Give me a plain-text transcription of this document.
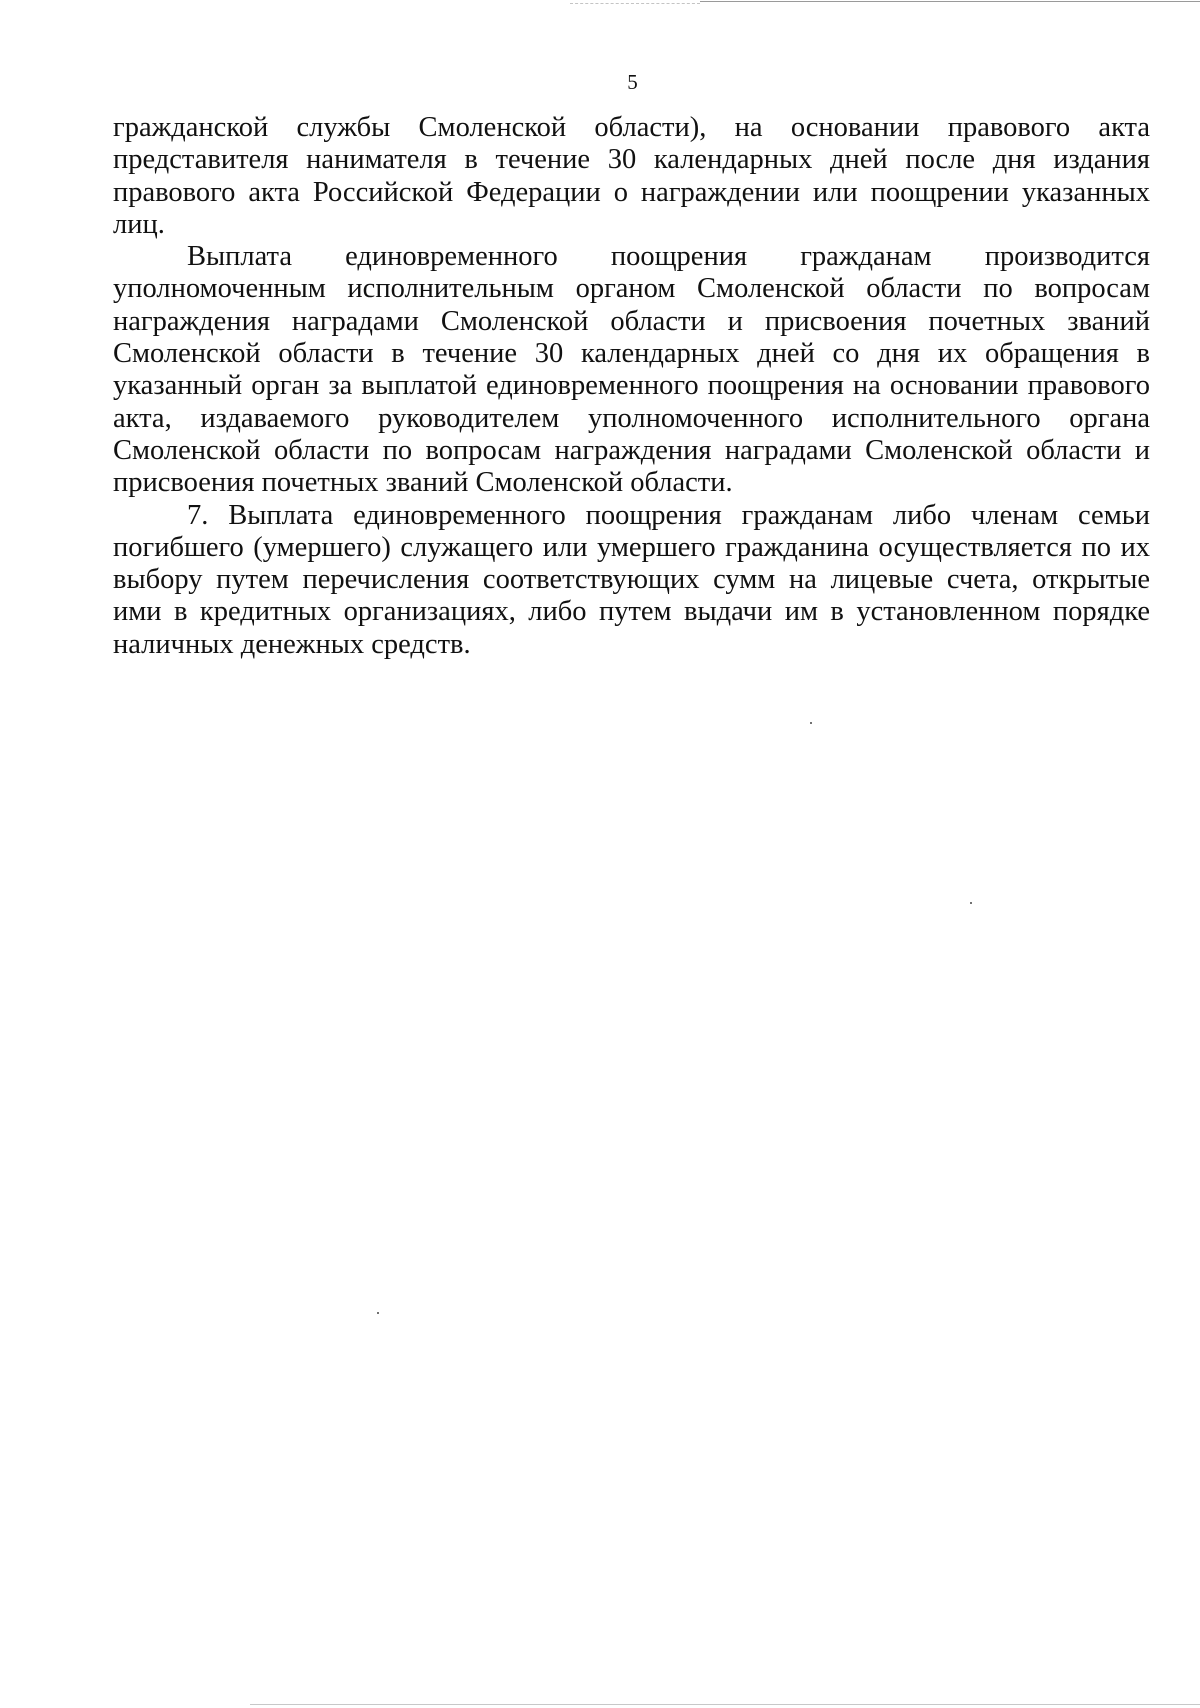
5

гражданской службы Смоленской области), на основании правового акта представителя нанимателя в течение 30 календарных дней после дня издания правового акта Российской Федерации о награждении или поощрении указанных лиц.

Выплата единовременного поощрения гражданам производится уполномоченным исполнительным органом Смоленской области по вопросам награждения наградами Смоленской области и присвоения почетных званий Смоленской области в течение 30 календарных дней со дня их обращения в указанный орган за выплатой единовременного поощрения на основании правового акта, издаваемого руководителем уполномоченного исполнительного органа Смоленской области по вопросам награждения наградами Смоленской области и присвоения почетных званий Смоленской области.

7. Выплата единовременного поощрения гражданам либо членам семьи погибшего (умершего) служащего или умершего гражданина осуществляется по их выбору путем перечисления соответствующих сумм на лицевые счета, открытые ими в кредитных организациях, либо путем выдачи им в установленном порядке наличных денежных средств.
